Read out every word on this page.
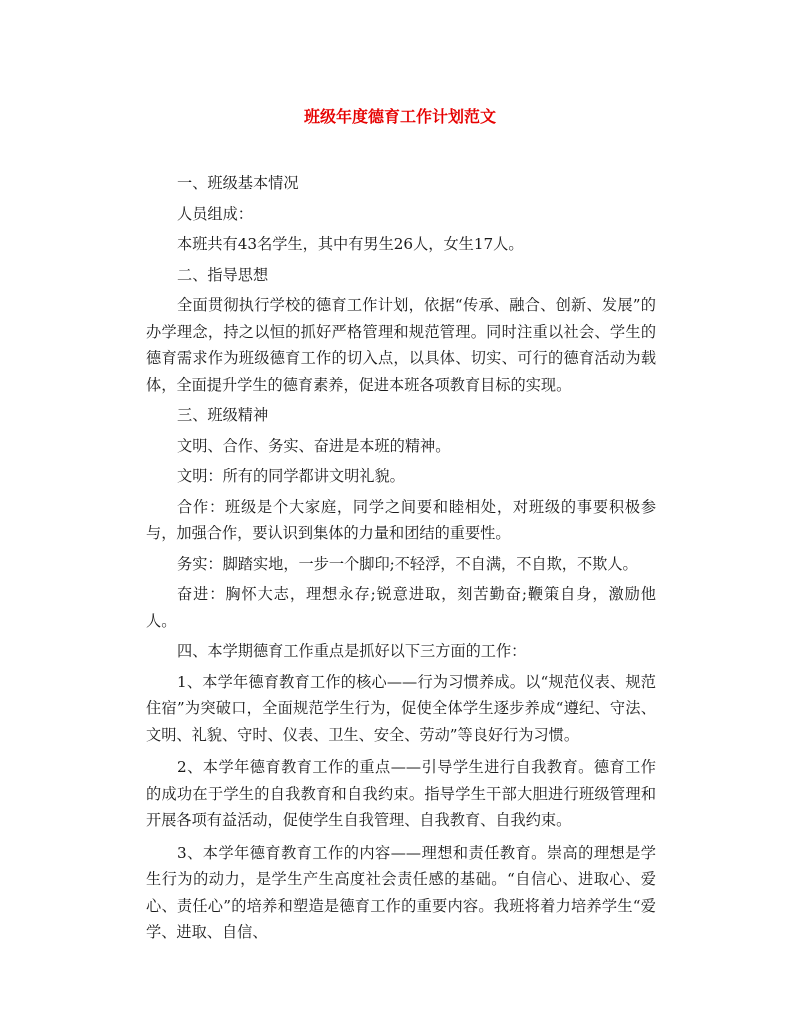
班级年度德育工作计划范文

一、班级基本情况

人员组成：

本班共有43名学生，其中有男生26人，女生17人。

二、指导思想

全面贯彻执行学校的德育工作计划，依据“传承、融合、创新、发展”的办学理念，持之以恒的抓好严格管理和规范管理。同时注重以社会、学生的德育需求作为班级德育工作的切入点，以具体、切实、可行的德育活动为载体，全面提升学生的德育素养，促进本班各项教育目标的实现。

三、班级精神

文明、合作、务实、奋进是本班的精神。

文明：所有的同学都讲文明礼貌。

合作：班级是个大家庭，同学之间要和睦相处，对班级的事要积极参与，加强合作，要认识到集体的力量和团结的重要性。

务实：脚踏实地，一步一个脚印;不轻浮，不自满，不自欺，不欺人。

奋进：胸怀大志，理想永存;锐意进取，刻苦勤奋;鞭策自身，激励他人。

四、本学期德育工作重点是抓好以下三方面的工作：

1、本学年德育教育工作的核心——行为习惯养成。以“规范仪表、规范住宿”为突破口，全面规范学生行为，促使全体学生逐步养成“遵纪、守法、文明、礼貌、守时、仪表、卫生、安全、劳动”等良好行为习惯。

2、本学年德育教育工作的重点——引导学生进行自我教育。德育工作的成功在于学生的自我教育和自我约束。指导学生干部大胆进行班级管理和开展各项有益活动，促使学生自我管理、自我教育、自我约束。

3、本学年德育教育工作的内容——理想和责任教育。崇高的理想是学生行为的动力，是学生产生高度社会责任感的基础。“自信心、进取心、爱心、责任心”的培养和塑造是德育工作的重要内容。我班将着力培养学生“爱学、进取、自信、
